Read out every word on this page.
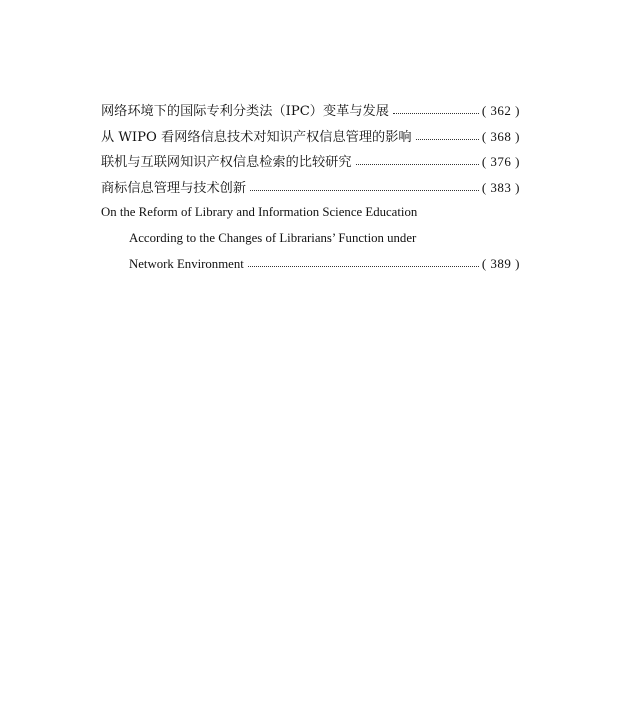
网络环境下的国际专利分类法（IPC）变革与发展	( 362 )
从 WIPO 看网络信息技术对知识产权信息管理的影响	( 368 )
联机与互联网知识产权信息检索的比较研究	( 376 )
商标信息管理与技术创新	( 383 )
On the Reform of Library and Information Science Education
According to the Changes of Librarians’ Function under
Network Environment	( 389 )
